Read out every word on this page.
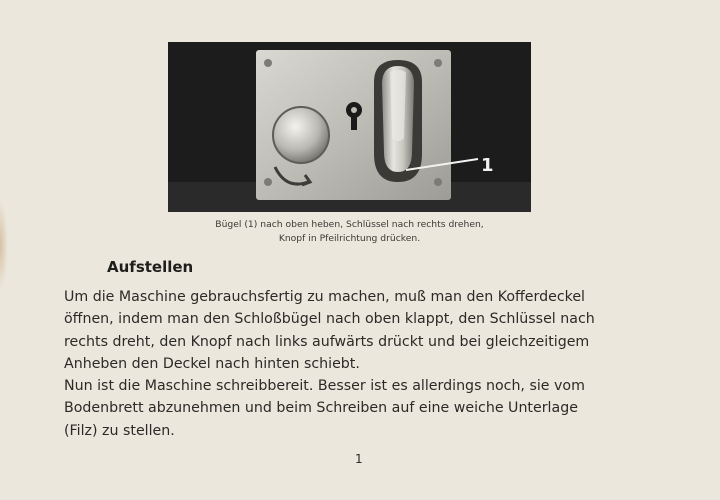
1
Bügel (1) nach oben heben, Schlüssel nach rechts drehen,
Knopf in Pfeilrichtung drücken.
Aufstellen
Um die Maschine gebrauchsfertig zu machen, muß man den Kofferdeckel
öffnen, indem man den Schloßbügel nach oben klappt, den Schlüssel nach
rechts dreht, den Knopf nach links aufwärts drückt und bei gleichzeitigem
Anheben den Deckel nach hinten schiebt.
Nun ist die Maschine schreibbereit. Besser ist es allerdings noch, sie vom
Bodenbrett abzunehmen und beim Schreiben auf eine weiche Unterlage
(Filz) zu stellen.
1
